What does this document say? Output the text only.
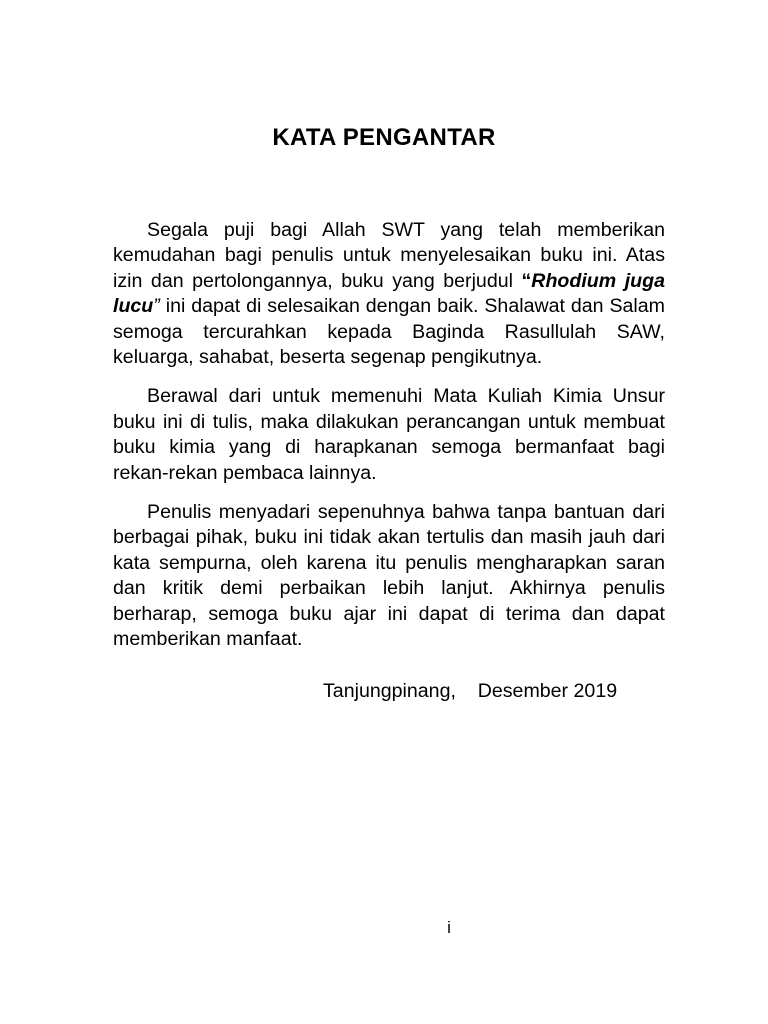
KATA PENGANTAR

Segala puji bagi Allah SWT yang telah memberikan kemudahan bagi penulis untuk menyelesaikan buku ini. Atas izin dan pertolongannya, buku yang berjudul “Rhodium juga lucu” ini dapat di selesaikan dengan baik. Shalawat dan Salam semoga tercurahkan kepada Baginda Rasullulah SAW, keluarga, sahabat, beserta segenap pengikutnya.

Berawal dari untuk memenuhi Mata Kuliah Kimia Unsur buku ini di tulis, maka dilakukan perancangan untuk membuat buku kimia yang di harapkanan semoga bermanfaat bagi rekan-rekan pembaca lainnya.

Penulis menyadari sepenuhnya bahwa tanpa bantuan dari berbagai pihak, buku ini tidak akan tertulis dan masih jauh dari kata sempurna, oleh karena itu penulis mengharapkan saran dan kritik demi perbaikan lebih lanjut. Akhirnya penulis berharap, semoga buku ajar ini dapat di terima dan dapat memberikan manfaat.

Tanjungpinang, Desember 2019
i
